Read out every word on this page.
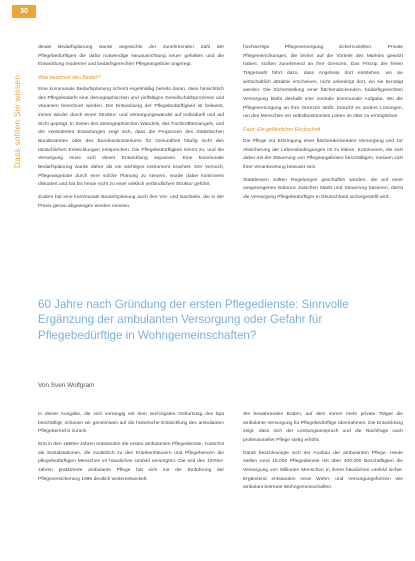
30
Dass sollten Sie wissen

desde Bedarfsplanung wurde angesichts der zunehmenden Zahl der Pflegebedürftigen die dafür notwendige Neuausrichtung neuer gehalten und die Entwicklung moderner und bedarfsgerechter Pflegeangebote angeregt.

Was bestimmt den Bedarf?

Eine kommunale Bedarfsplanung scheint regelmäßig bereits daran, dass hinsichtlich des Pflegebedarfs eine demographischen und vielfältigen Gesellschaftsprozesse und Varianten berechnet werden. Die Entwicklung der Pflegebedürftigkeit ist bekannt, immer wieder durch einen Struktur- und Versorgungswandel auf individuell und auf Sicht geprägt. In Zeiten des demographischen Wandels, des Fachkräftemangels, und der veränderten Erwartungen zeigt sich, dass die Prognosen des Statistischen Bundesamtes oder des Bundesministeriums für Gesundheit häufig nicht den tatsächlichen Entwicklungen entsprechen. Die Pflegebedürftigkeit nimmt zu, und die Versorgung muss sich dieser Entwicklung anpassen. Eine kommunale Bedarfsplanung wurde daher als ein wichtiges Instrument erachtet. Der Versuch, Pflegeangebote durch eine solche Planung zu steuern, wurde dabei kontrovers diskutiert und hat bis heute nicht zu einer wirklich verbindlichen Struktur geführt.

Zudem hat eine kommunale Bedarfsplanung auch ihre Vor- und Nachteile, die in der Praxis genau abgewogen werden müssen.

hochwertige Pflegeversorgung sicherzustellen. Private Pflegeeinrichtungen, die bisher auf die Vorteile des Marktes gesetzt haben, stoßen zunehmend an ihre Grenzen. Das Prinzip der freien Trägerwahl führt dazu, dass Angebote dort entstehen, wo sie wirtschaftlich attraktiv erscheinen, nicht unbedingt dort, wo sie benötigt werden. Die Sicherstellung einer flächendeckenden, bedarfsgerechten Versorgung bleibt deshalb eine zentrale kommunale Aufgabe. Wo die Pflegeversorgung an ihre Grenzen stößt, braucht es andere Lösungen, um den Menschen ein selbstbestimmtes Leben im Alter zu ermöglichen.

Fazit: Ein gefährlicher Rückschritt

Die Pflege zur Erbringung einer flächendeckenden Versorgung und zur Absicherung der Lebensbedingungen ist zu klären. Kommunen, die sich dabei mit der Steuerung von Pflegeangeboten beschäftigen, müssen sich ihrer Verantwortung bewusst sein.

Stattdessen sollten Regelungen geschaffen werden, die auf einer ausgewogenen Balance zwischen Markt und Steuerung basieren, damit die Versorgung Pflegebedürftiger in Deutschland sichergestellt wird.

60 Jahre nach Gründung der ersten Pflegedienste: Sinnvolle Ergänzung der ambulanten Versorgung oder Gefahr für Pflegebedürftige in Wohngemeinschaften?
Von Sven Wolfgram

In dieser Ausgabe, die sich vorrangig mit dem sechzigsten Geburtstag des bpa beschäftigt, schauen wir gemeinsam auf die historische Entwicklung des ambulanten Pflegebereichs zurück.

Erst in den 1960er-Jahren entstanden die ersten ambulanten Pflegedienste, zunächst als Sozialstationen, die zusätzlich zu den Krankenhäusern und Pflegeheimen die pflegebedürftigen Menschen im häuslichen Umfeld versorgten. Die seit den 1970er-Jahren praktizierte ambulante Pflege hat sich mit der Einführung der Pflegeversicherung 1995 deutlich weiterentwickelt.

Sie bewahrenden Boden, auf dem immer mehr private Träger die ambulante Versorgung für Pflegebedürftige übernahmen. Die Entwicklung zeigt, dass sich der Leistungsanspruch und die Nachfrage nach professioneller Pflege stetig erhöht.

Damit beschleunigte sich der Ausbau der ambulanten Pflege. Heute stellen rund 15.000 Pflegedienste mit über 400.000 Beschäftigten die Versorgung von Millionen Menschen in ihrem häuslichen Umfeld sicher. Ergänzend entstanden neue Wohn- und Versorgungsformen wie ambulant betreute Wohngemeinschaften.
